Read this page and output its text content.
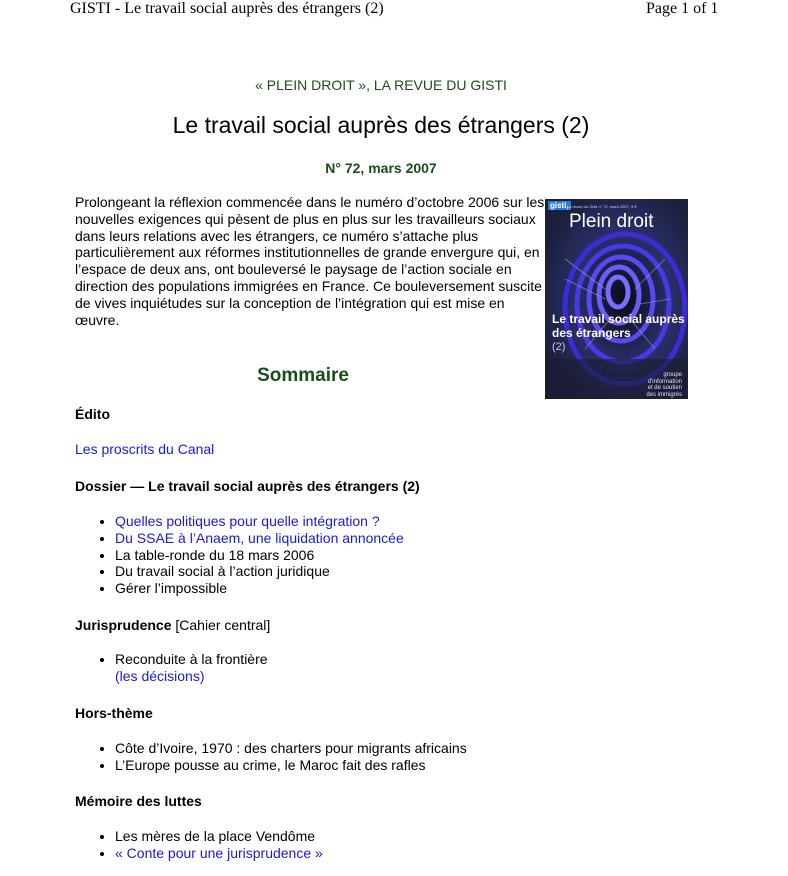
GISTI - Le travail social auprès des étrangers (2)	Page 1 of 1
« PLEIN DROIT », LA REVUE DU GISTI
Le travail social auprès des étrangers (2)
N° 72, mars 2007

Prolongeant la réflexion commencée dans le numéro d’octobre 2006 sur les nouvelles exigences qui pèsent de plus en plus sur les travailleurs sociaux dans leurs relations avec les étrangers, ce numéro s’attache plus particulièrement aux réformes institutionnelles de grande envergure qui, en l’espace de deux ans, ont bouleversé le paysage de l’action sociale en direction des populations immigrées en France. Ce bouleversement suscite de vives inquiétudes sur la conception de l’intégration qui est mise en œuvre.

gisti,
La revue du Gisti n° 72, mars 2007, 9 €
Plein droit
Le travail social auprès des étrangers
(2)
groupe
d'information
et de soutien
des immigrés
Sommaire
Édito
Les proscrits du Canal
Dossier — Le travail social auprès des étrangers (2)
• Quelles politiques pour quelle intégration ?
• Du SSAE à l’Anaem, une liquidation annoncée
• La table-ronde du 18 mars 2006
• Du travail social à l’action juridique
• Gérer l’impossible
Jurisprudence [Cahier central]
• Reconduite à la frontière
(les décisions)
Hors-thème
• Côte d’Ivoire, 1970 : des charters pour migrants africains
• L’Europe pousse au crime, le Maroc fait des rafles
Mémoire des luttes
• Les mères de la place Vendôme
• « Conte pour une jurisprudence »
